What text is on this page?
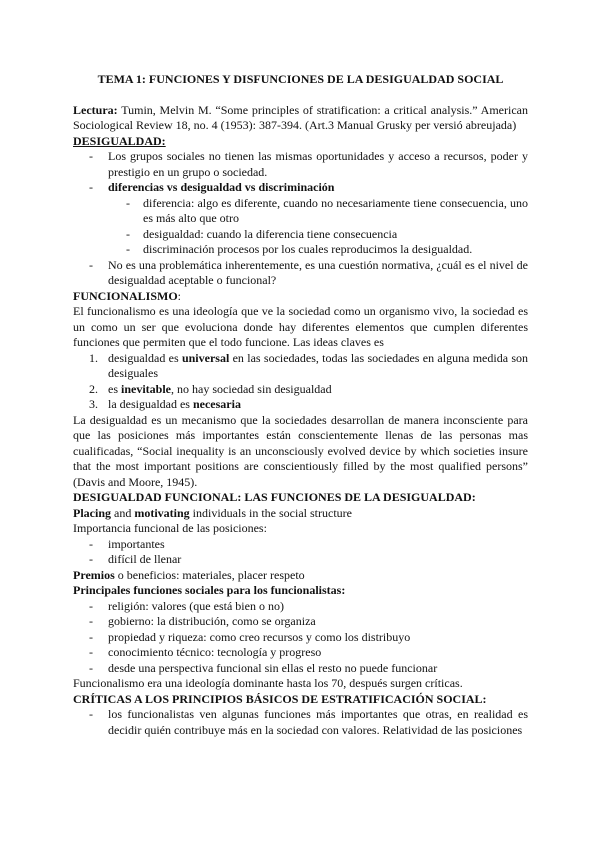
TEMA 1: FUNCIONES Y DISFUNCIONES DE LA DESIGUALDAD SOCIAL

Lectura: Tumin, Melvin M. “Some principles of stratification: a critical analysis.” American Sociological Review 18, no. 4 (1953): 387-394. (Art.3 Manual Grusky per versió abreujada)

DESIGUALDAD:

- Los grupos sociales no tienen las mismas oportunidades y acceso a recursos, poder y prestigio en un grupo o sociedad.
- diferencias vs desigualdad vs discriminación
- diferencia: algo es diferente, cuando no necesariamente tiene consecuencia, uno es más alto que otro
- desigualdad: cuando la diferencia tiene consecuencia
- discriminación procesos por los cuales reproducimos la desigualdad.
- No es una problemática inherentemente, es una cuestión normativa, ¿cuál es el nivel de desigualdad aceptable o funcional?

FUNCIONALISMO:

El funcionalismo es una ideología que ve la sociedad como un organismo vivo, la sociedad es un como un ser que evoluciona donde hay diferentes elementos que cumplen diferentes funciones que permiten que el todo funcione. Las ideas claves es

1. desigualdad es universal en las sociedades, todas las sociedades en alguna medida son desiguales
2. es inevitable, no hay sociedad sin desigualdad
3. la desigualdad es necesaria

La desigualdad es un mecanismo que la sociedades desarrollan de manera inconsciente para que las posiciones más importantes están conscientemente llenas de las personas mas cualificadas, “Social inequality is an unconsciously evolved device by which societies insure that the most important positions are conscientiously filled by the most qualified persons” (Davis and Moore, 1945).

DESIGUALDAD FUNCIONAL: LAS FUNCIONES DE LA DESIGUALDAD:

Placing and motivating individuals in the social structure

Importancia funcional de las posiciones:

- importantes
- difícil de llenar

Premios o beneficios: materiales, placer respeto

Principales funciones sociales para los funcionalistas:

- religión: valores (que está bien o no)
- gobierno: la distribución, como se organiza
- propiedad y riqueza: como creo recursos y como los distribuyo
- conocimiento técnico: tecnología y progreso
- desde una perspectiva funcional sin ellas el resto no puede funcionar

Funcionalismo era una ideología dominante hasta los 70, después surgen críticas.

CRÍTICAS A LOS PRINCIPIOS BÁSICOS DE ESTRATIFICACIÓN SOCIAL:

- los funcionalistas ven algunas funciones más importantes que otras, en realidad es decidir quién contribuye más en la sociedad con valores. Relatividad de las posiciones
